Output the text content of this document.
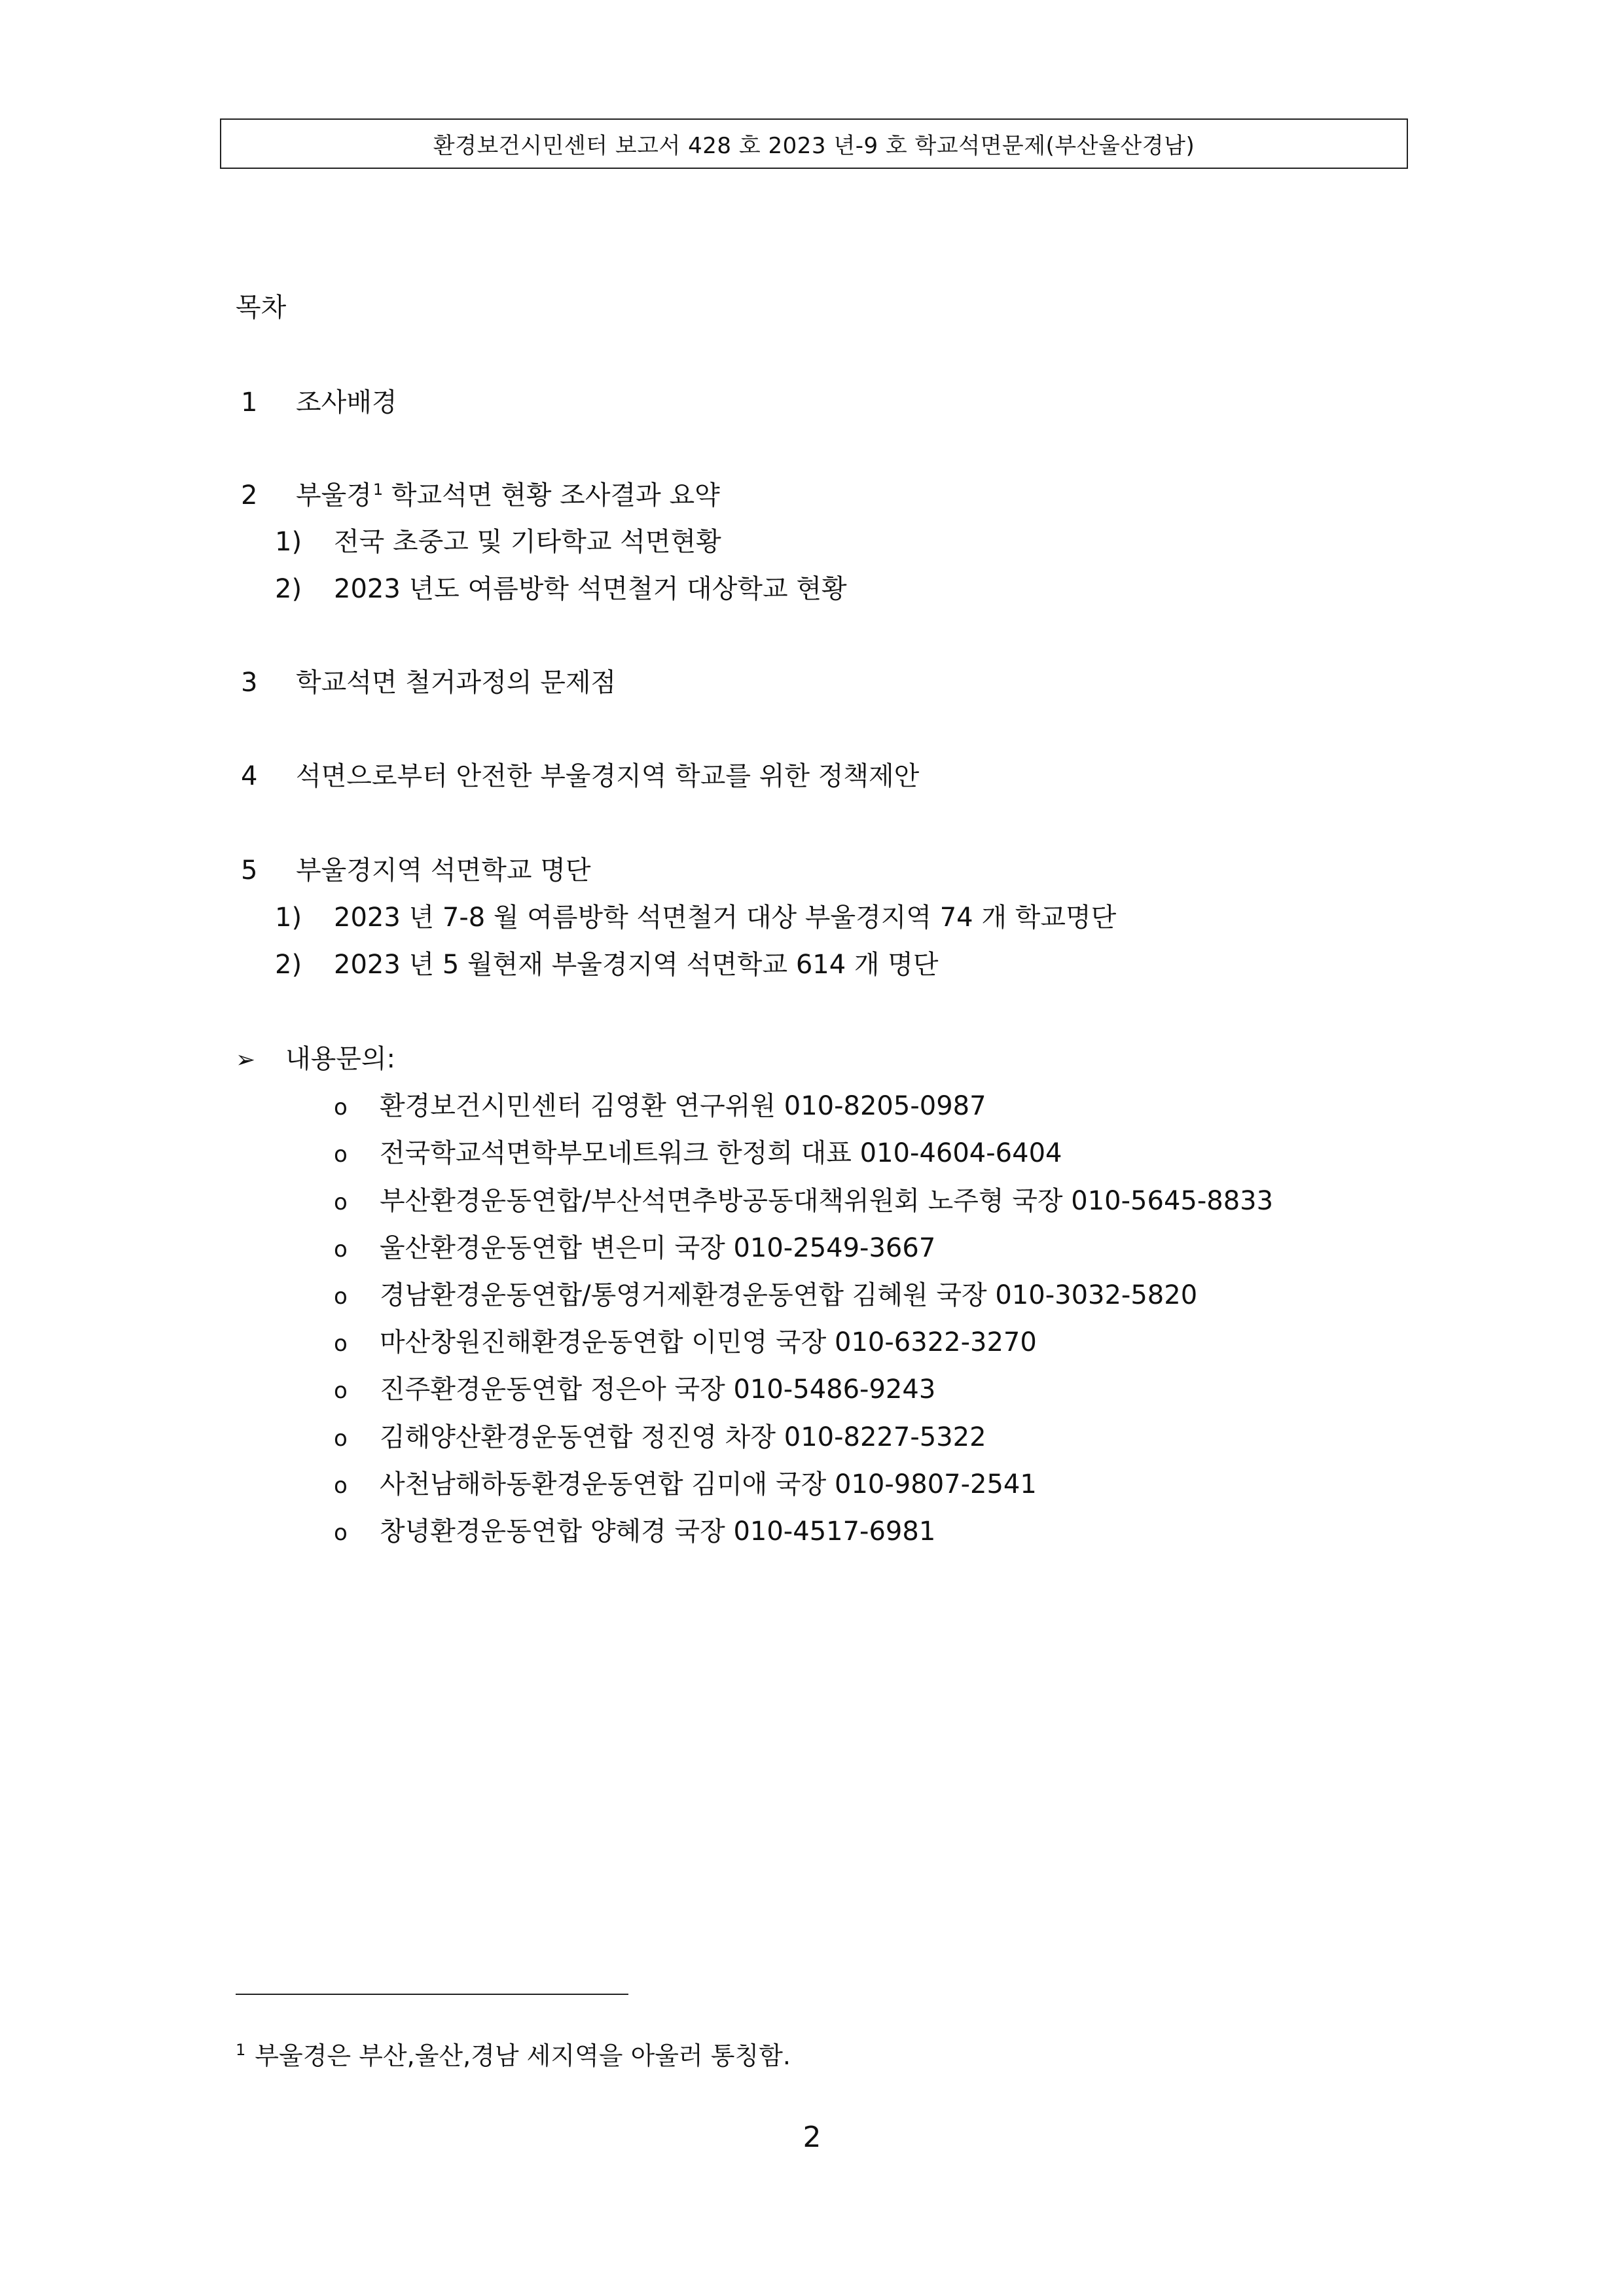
환경보건시민센터 보고서 428 호 2023 년-9 호 학교석면문제(부산울산경남)
목차
1 조사배경
2 부울경$^1$ 학교석면 현황 조사결과 요약
1) 전국 초중고 및 기타학교 석면현황
2) 2023 년도 여름방학 석면철거 대상학교 현황
3 학교석면 철거과정의 문제점
4 석면으로부터 안전한 부울경지역 학교를 위한 정책제안
5 부울경지역 석면학교 명단
1) 2023 년 7-8 월 여름방학 석면철거 대상 부울경지역 74 개 학교명단
2) 2023 년 5 월현재 부울경지역 석면학교 614 개 명단
➢ 내용문의:
o 환경보건시민센터 김영환 연구위원 010-8205-0987
o 전국학교석면학부모네트워크 한정희 대표 010-4604-6404
o 부산환경운동연합/부산석면추방공동대책위원회 노주형 국장 010-5645-8833
o 울산환경운동연합 변은미 국장 010-2549-3667
o 경남환경운동연합/통영거제환경운동연합 김혜원 국장 010-3032-5820
o 마산창원진해환경운동연합 이민영 국장 010-6322-3270
o 진주환경운동연합 정은아 국장 010-5486-9243
o 김해양산환경운동연합 정진영 차장 010-8227-5322
o 사천남해하동환경운동연합 김미애 국장 010-9807-2541
o 창녕환경운동연합 양혜경 국장 010-4517-6981
$^1$ 부울경은 부산,울산,경남 세지역을 아울러 통칭함.
2
